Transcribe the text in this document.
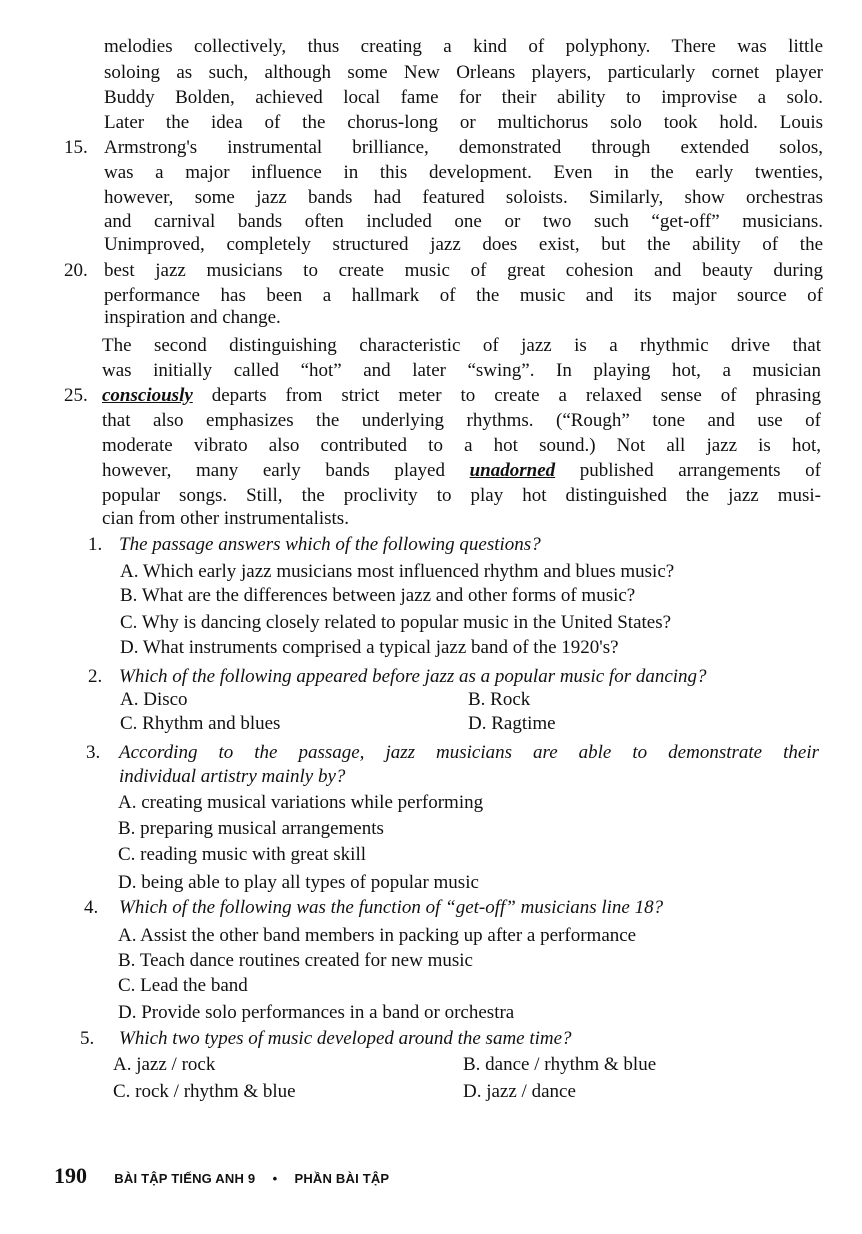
melodies collectively, thus creating a kind of polyphony. There was little
soloing as such, although some New Orleans players, particularly cornet player
Buddy Bolden, achieved local fame for their ability to improvise a solo.
Later the idea of the chorus-long or multichorus solo took hold. Louis
Armstrong's instrumental brilliance, demonstrated through extended solos,
15.
was a major influence in this development. Even in the early twenties,
however, some jazz bands had featured soloists. Similarly, show orchestras
and carnival bands often included one or two such “get-off” musicians.
Unimproved, completely structured jazz does exist, but the ability of the
best jazz musicians to create music of great cohesion and beauty during
20.
performance has been a hallmark of the music and its major source of
inspiration and change.
The second distinguishing characteristic of jazz is a rhythmic drive that
was initially called “hot” and later “swing”. In playing hot, a musician
consciously departs from strict meter to create a relaxed sense of phrasing
25.
that also emphasizes the underlying rhythms. (“Rough” tone and use of
moderate vibrato also contributed to a hot sound.) Not all jazz is hot,
however, many early bands played unadorned published arrangements of
popular songs. Still, the proclivity to play hot distinguished the jazz musi-
cian from other instrumentalists.
1. The passage answers which of the following questions?
A. Which early jazz musicians most influenced rhythm and blues music?
B. What are the differences between jazz and other forms of music?
C. Why is dancing closely related to popular music in the United States?
D. What instruments comprised a typical jazz band of the 1920's?
2. Which of the following appeared before jazz as a popular music for dancing?
A. Disco	B. Rock
C. Rhythm and blues	D. Ragtime
3. According to the passage, jazz musicians are able to demonstrate their
individual artistry mainly by?
A. creating musical variations while performing
B. preparing musical arrangements
C. reading music with great skill
D. being able to play all types of popular music
4. Which of the following was the function of “get-off” musicians line 18?
A. Assist the other band members in packing up after a performance
B. Teach dance routines created for new music
C. Lead the band
D. Provide solo performances in a band or orchestra
5. Which two types of music developed around the same time?
A. jazz / rock	B. dance / rhythm & blue
C. rock / rhythm & blue	D. jazz / dance
190 BÀI TẬP TIẾNG ANH 9 • PHẦN BÀI TẬP
